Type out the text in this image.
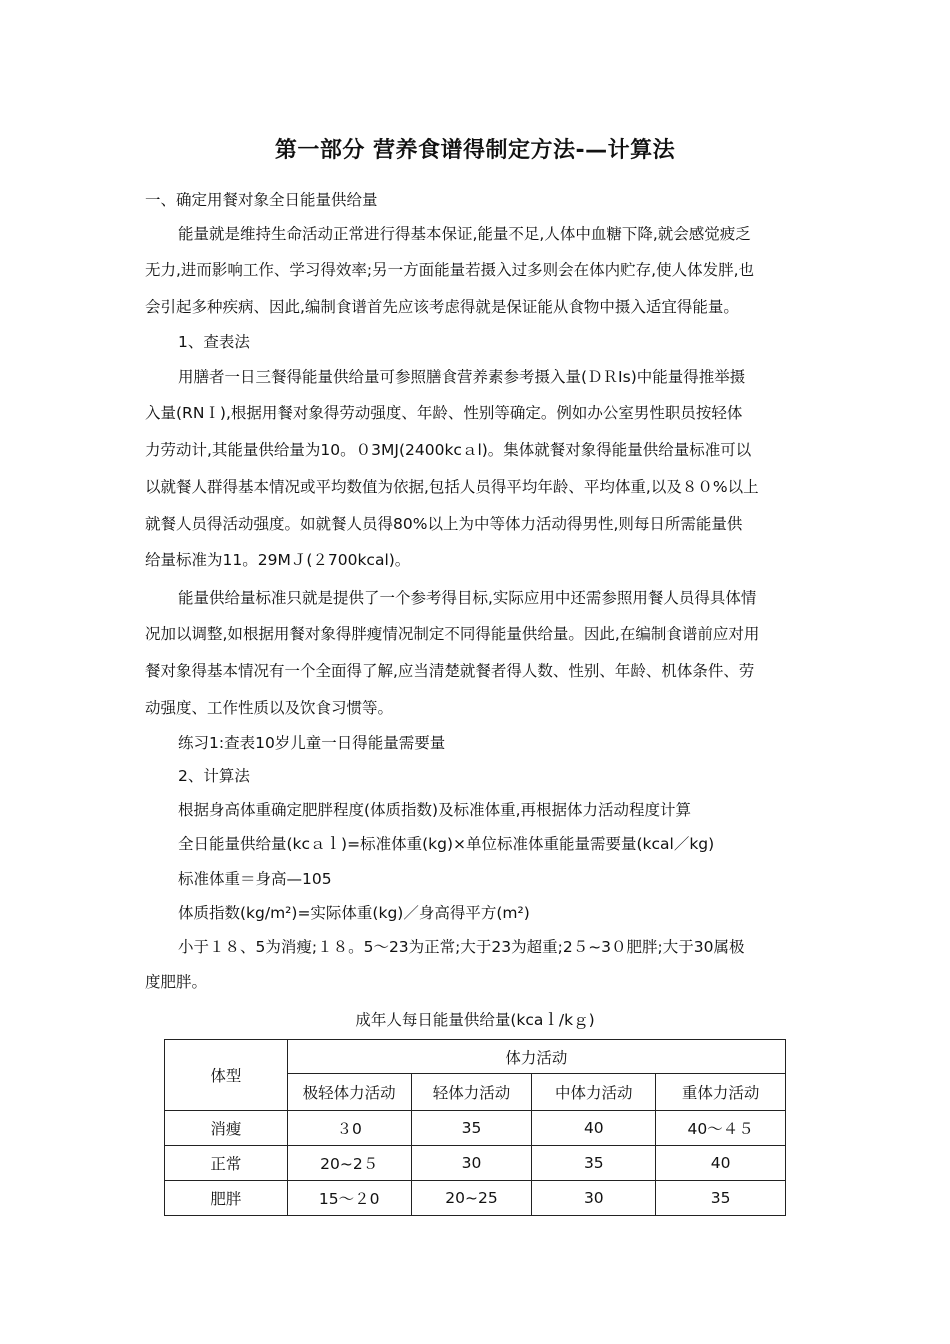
第一部分 营养食谱得制定方法-—计算法
一、确定用餐对象全日能量供给量
能量就是维持生命活动正常进行得基本保证,能量不足,人体中血糖下降,就会感觉疲乏
无力,进而影响工作、学习得效率;另一方面能量若摄入过多则会在体内贮存,使人体发胖,也
会引起多种疾病、因此,编制食谱首先应该考虑得就是保证能从食物中摄入适宜得能量。
1、查表法
用膳者一日三餐得能量供给量可参照膳食营养素参考摄入量(ＤＲIs)中能量得推举摄
入量(RNＩ),根据用餐对象得劳动强度、年龄、性别等确定。例如办公室男性职员按轻体
力劳动计,其能量供给量为10。０3MJ(2400kcａl)。集体就餐对象得能量供给量标准可以
以就餐人群得基本情况或平均数值为依据,包括人员得平均年龄、平均体重,以及８０%以上
就餐人员得活动强度。如就餐人员得80%以上为中等体力活动得男性,则每日所需能量供
给量标准为11。29MＪ(２700kcal)。
能量供给量标准只就是提供了一个参考得目标,实际应用中还需参照用餐人员得具体情
况加以调整,如根据用餐对象得胖瘦情况制定不同得能量供给量。因此,在编制食谱前应对用
餐对象得基本情况有一个全面得了解,应当清楚就餐者得人数、性别、年龄、机体条件、劳
动强度、工作性质以及饮食习惯等。
练习1:查表10岁儿童一日得能量需要量
2、计算法
根据身高体重确定肥胖程度(体质指数)及标准体重,再根据体力活动程度计算
全日能量供给量(kcａｌ)=标准体重(kg)×单位标准体重能量需要量(kcal／kg)
标准体重＝身高—105
体质指数(kg/m²)=实际体重(kg)／身高得平方(m²)
小于１８、5为消瘦;１８。5～23为正常;大于23为超重;2５~3０肥胖;大于30属极
度肥胖。
成年人每日能量供给量(kcaｌ/kｇ)
体型	体力活动			
	极轻体力活动	轻体力活动	中体力活动	重体力活动
消瘦	３0	35	40	40～４５
正常	20~2５	30	35	40
肥胖	15～２0	20~25	30	35
